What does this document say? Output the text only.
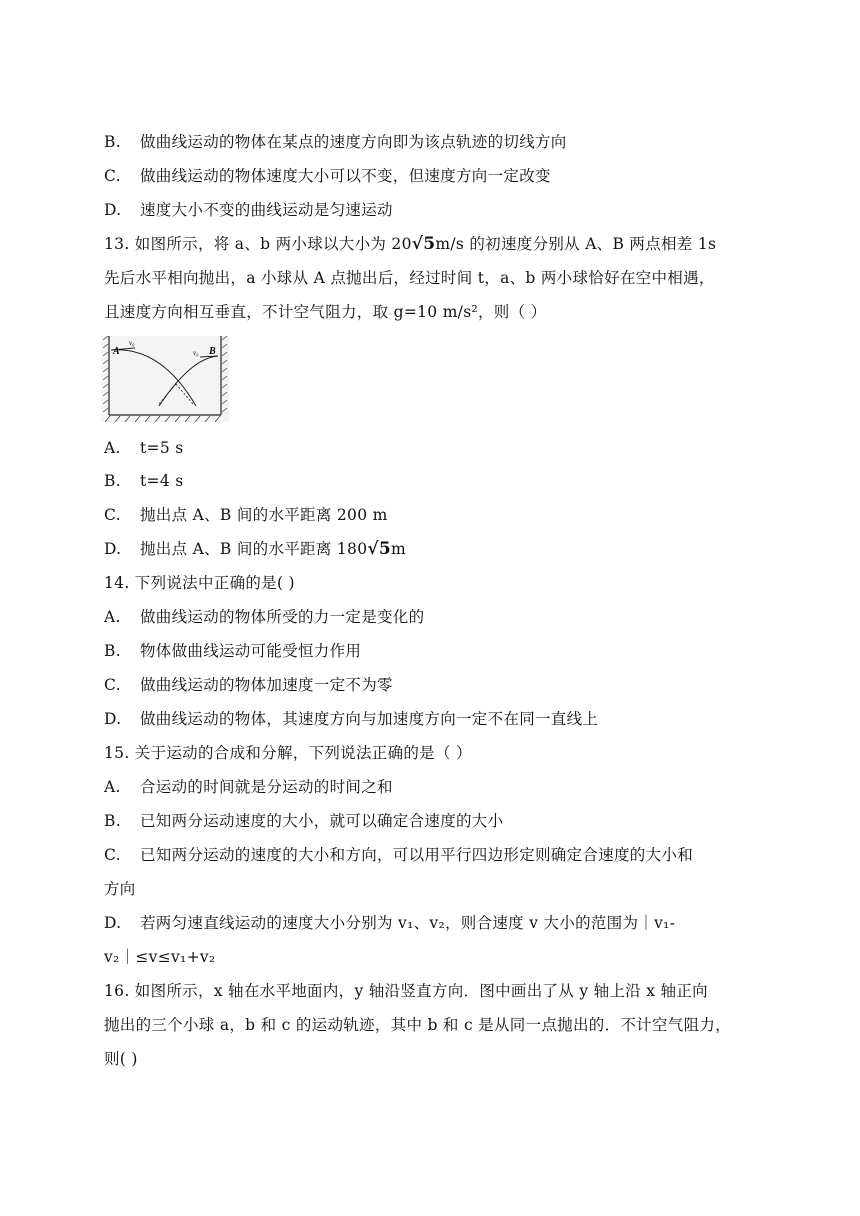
B. 做曲线运动的物体在某点的速度方向即为该点轨迹的切线方向
C. 做曲线运动的物体速度大小可以不变，但速度方向一定改变
D. 速度大小不变的曲线运动是匀速运动
13. 如图所示，将 a、b 两小球以大小为 20√5m/s 的初速度分别从 A、B 两点相差 1s
先后水平相向抛出，a 小球从 A 点抛出后，经过时间 t，a、b 两小球恰好在空中相遇，
且速度方向相互垂直，不计空气阻力，取 g=10 m/s²，则（ ）
A	B
v₀
v₀
A. t=5 s
B. t=4 s
C. 抛出点 A、B 间的水平距离 200 m
D. 抛出点 A、B 间的水平距离 180√5m
14. 下列说法中正确的是( )
A. 做曲线运动的物体所受的力一定是变化的
B. 物体做曲线运动可能受恒力作用
C. 做曲线运动的物体加速度一定不为零
D. 做曲线运动的物体，其速度方向与加速度方向一定不在同一直线上
15. 关于运动的合成和分解，下列说法正确的是（ ）
A. 合运动的时间就是分运动的时间之和
B. 已知两分运动速度的大小，就可以确定合速度的大小
C. 已知两分运动的速度的大小和方向，可以用平行四边形定则确定合速度的大小和
方向
D. 若两匀速直线运动的速度大小分别为 v₁、v₂，则合速度 v 大小的范围为｜v₁-
v₂｜≤v≤v₁+v₂
16. 如图所示，x 轴在水平地面内，y 轴沿竖直方向．图中画出了从 y 轴上沿 x 轴正向
抛出的三个小球 a，b 和 c 的运动轨迹，其中 b 和 c 是从同一点抛出的．不计空气阻力，
则( )
